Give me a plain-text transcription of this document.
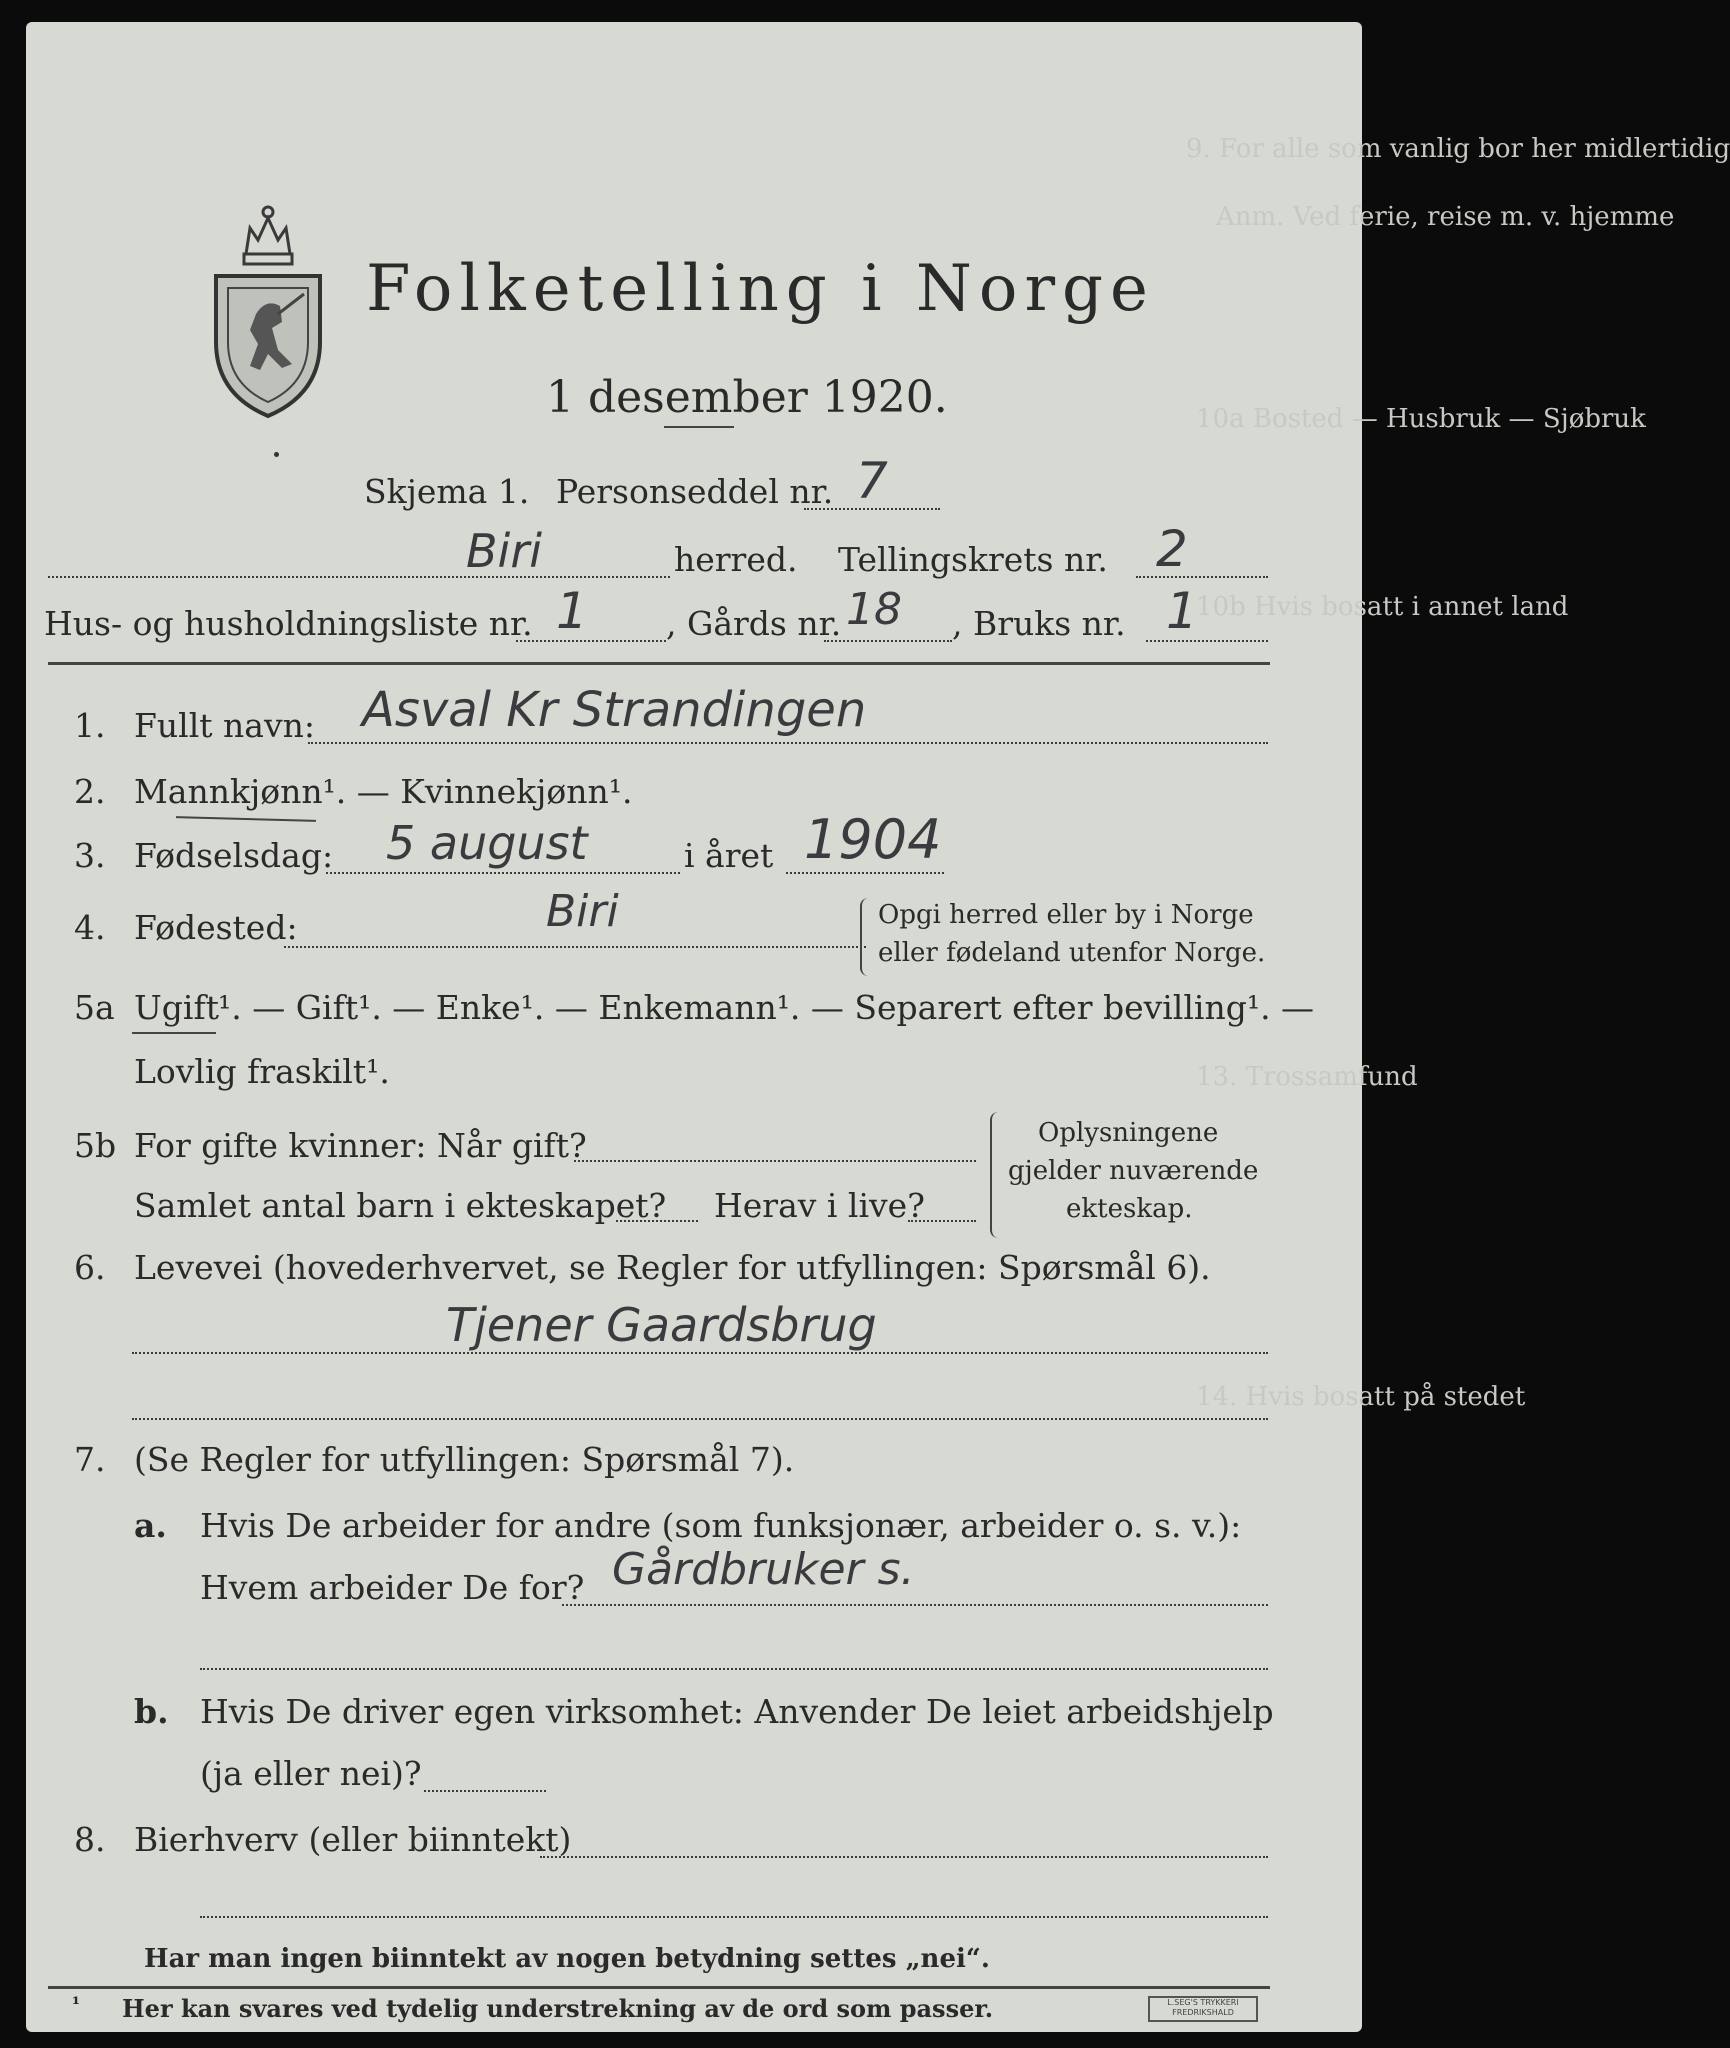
9. For alle som vanlig bor her midlertidig
Anm. Ved ferie, reise m. v. hjemme
10a Bosted — Husbruk — Sjøbruk
10b Hvis bosatt i annet land
13. Trossamfund
14. Hvis bosatt på stedet
Folketelling i Norge
1 desember 1920.
Skjema 1. Personseddel nr. 7
Biri	herred. Tellingskrets nr. 2
Hus- og husholdningsliste nr. 1 , Gårds nr. 18 , Bruks nr. 1
1. Fullt navn: Asval Kr Strandingen
2. Mannkjønn¹. — Kvinnekjønn¹.
3. Fødselsdag: 5 august	i året 1904
4. Fødested:	Biri	Opgi herred eller by i Norge
eller fødeland utenfor Norge.
5a Ugift ¹. — Gift¹. — Enke¹. — Enkemann¹. — Separert efter bevilling¹. —
Lovlig fraskilt¹.
5b For gifte kvinner: Når gift?
Samlet antal barn i ekteskapet? Herav i live?
Oplysningene
gjelder nuværende
ekteskap.
6. Levevei (hovederhvervet, se Regler for utfyllingen: Spørsmål 6).
Tjener Gaardsbrug
7. (Se Regler for utfyllingen: Spørsmål 7).
a. Hvis De arbeider for andre (som funksjonær, arbeider o. s. v.):
Hvem arbeider De for? Gårdbruker s.
b. Hvis De driver egen virksomhet: Anvender De leiet arbeidshjelp
(ja eller nei)?
8. Bierhverv (eller biinntekt)
Har man ingen biinntekt av nogen betydning settes „nei“.
¹ Her kan svares ved tydelig understrekning av de ord som passer.	L.SEG'S TRYKKERI
FREDRIKSHALD
